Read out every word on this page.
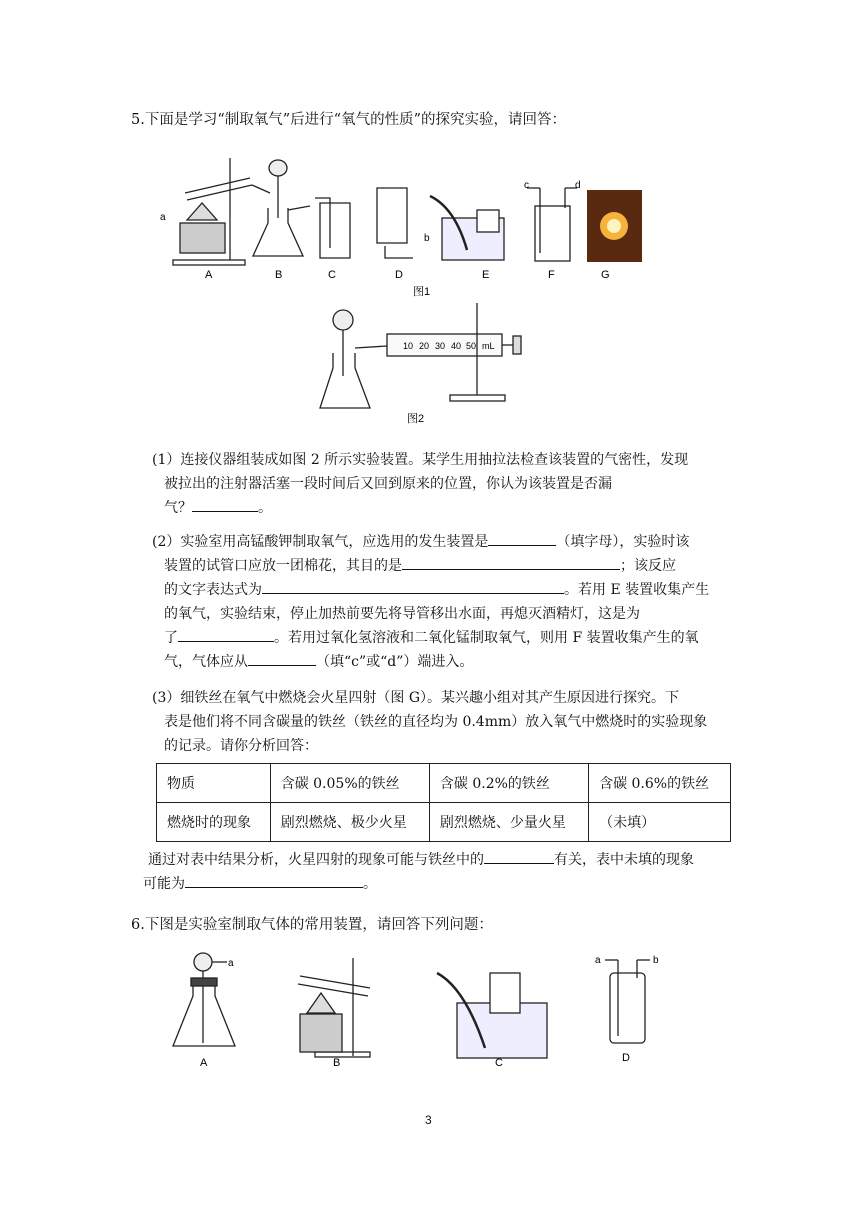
5.下面是学习“制取氧气”后进行“氧气的性质”的探究实验，请回答：
a
b
c	d
A	B	C	D	E	F	G
图1
10 20 30 40 50 mL
图2
(1）连接仪器组装成如图 2 所示实验装置。某学生用抽拉法检查该装置的气密性，发现

被拉出的注射器活塞一段时间后又回到原来的位置，你认为该装置是否漏
气？	。
(2）实验室用高锰酸钾制取氧气，应选用的发生装置是	（填字母），实验时该
装置的试管口应放一团棉花，其目的是	；该反应
的文字表达式为	。若用 E 装置收集产生
的氧气，实验结束，停止加热前要先将导管移出水面，再熄灭酒精灯，这是为
了	。若用过氧化氢溶液和二氧化锰制取氧气，则用 F 装置收集产生的氧
气，气体应从	（填“c”或“d”）端进入。
(3）细铁丝在氧气中燃烧会火星四射（图 G）。某兴趣小组对其产生原因进行探究。下

表是他们将不同含碳量的铁丝（铁丝的直径均为 0.4mm）放入氧气中燃烧时的实验现象
的记录。请你分析回答：
物质	含碳 0.05%的铁丝	含碳 0.2%的铁丝	含碳 0.6%的铁丝
燃烧时的现象	剧烈燃烧、极少火星	剧烈燃烧、少量火星	（未填）
通过对表中结果分析，火星四射的现象可能与铁丝中的	有关，表中未填的现象
可能为	。
6.下图是实验室制取气体的常用装置，请回答下列问题：
a	a	b
A	B	C	D
3
